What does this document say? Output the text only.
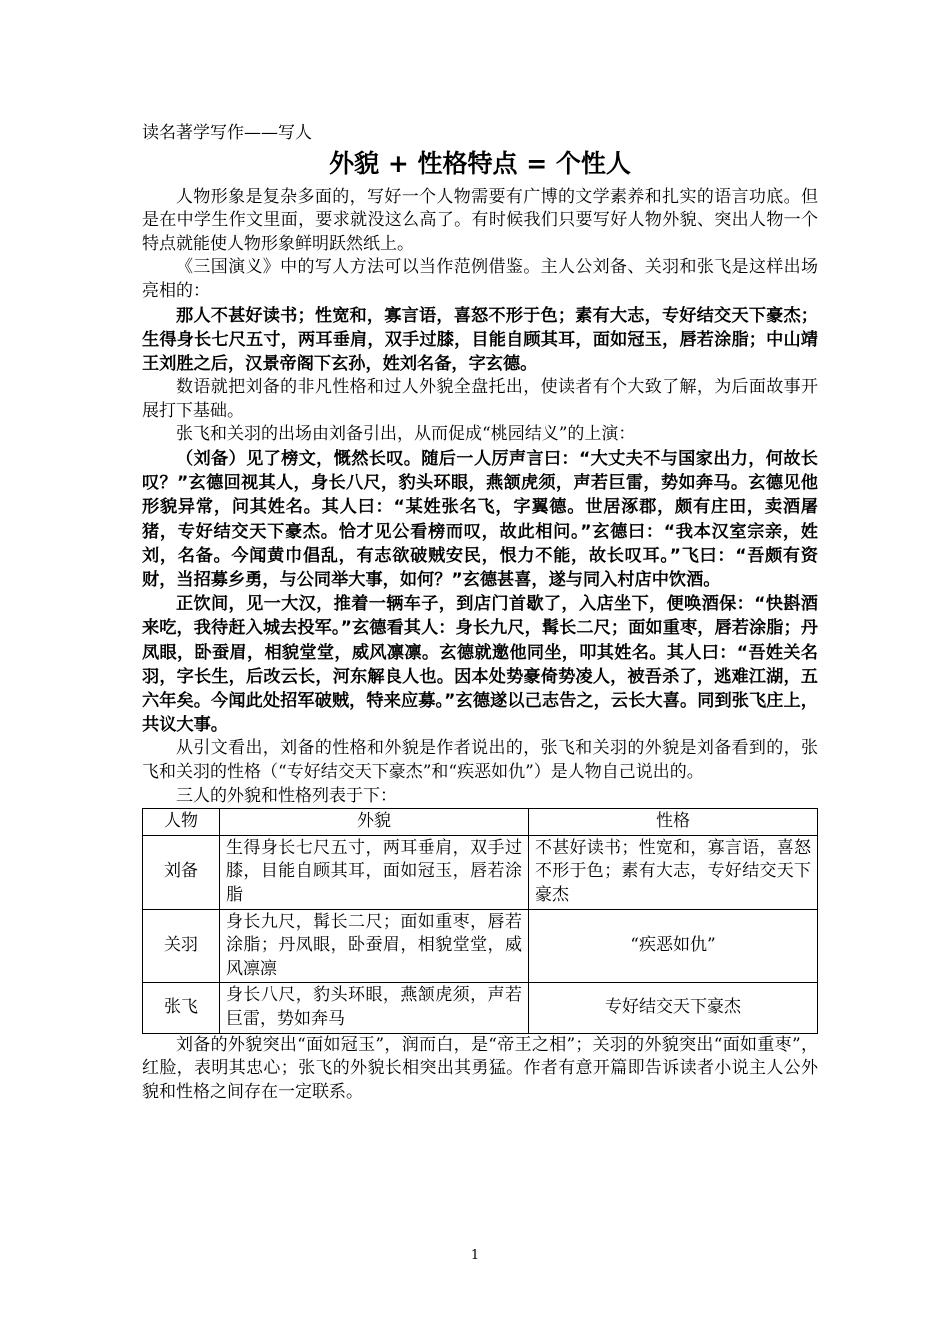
读名著学写作——写人

外貌 + 性格特点 = 个性人

人物形象是复杂多面的，写好一个人物需要有广博的文学素养和扎实的语言功底。但是在中学生作文里面，要求就没这么高了。有时候我们只要写好人物外貌、突出人物一个特点就能使人物形象鲜明跃然纸上。

《三国演义》中的写人方法可以当作范例借鉴。主人公刘备、关羽和张飞是这样出场亮相的：

那人不甚好读书；性宽和，寡言语，喜怒不形于色；素有大志，专好结交天下豪杰；生得身长七尺五寸，两耳垂肩，双手过膝，目能自顾其耳，面如冠玉，唇若涂脂；中山靖王刘胜之后，汉景帝阁下玄孙，姓刘名备，字玄德。

数语就把刘备的非凡性格和过人外貌全盘托出，使读者有个大致了解，为后面故事开展打下基础。

张飞和关羽的出场由刘备引出，从而促成“桃园结义”的上演：

（刘备）见了榜文，慨然长叹。随后一人厉声言曰：“大丈夫不与国家出力，何故长叹？”玄德回视其人，身长八尺，豹头环眼，燕颔虎须，声若巨雷，势如奔马。玄德见他形貌异常，问其姓名。其人曰：“某姓张名飞，字翼德。世居涿郡，颇有庄田，卖酒屠猪，专好结交天下豪杰。恰才见公看榜而叹，故此相问。”玄德曰：“我本汉室宗亲，姓刘，名备。今闻黄巾倡乱，有志欲破贼安民，恨力不能，故长叹耳。”飞曰：“吾颇有资财，当招募乡勇，与公同举大事，如何？”玄德甚喜，遂与同入村店中饮酒。

正饮间，见一大汉，推着一辆车子，到店门首歇了，入店坐下，便唤酒保：“快斟酒来吃，我待赶入城去投军。”玄德看其人：身长九尺，髯长二尺；面如重枣，唇若涂脂；丹凤眼，卧蚕眉，相貌堂堂，威风凛凛。玄德就邀他同坐，叩其姓名。其人曰：“吾姓关名羽，字长生，后改云长，河东解良人也。因本处势豪倚势凌人，被吾杀了，逃难江湖，五六年矣。今闻此处招军破贼，特来应募。”玄德遂以己志告之，云长大喜。同到张飞庄上，共议大事。

从引文看出，刘备的性格和外貌是作者说出的，张飞和关羽的外貌是刘备看到的，张飞和关羽的性格（“专好结交天下豪杰”和“疾恶如仇”）是人物自己说出的。

三人的外貌和性格列表于下：

人物	外貌	性格
刘备	生得身长七尺五寸，两耳垂肩，双手过膝，目能自顾其耳，面如冠玉，唇若涂脂	不甚好读书；性宽和，寡言语，喜怒不形于色；素有大志，专好结交天下豪杰
关羽	身长九尺，髯长二尺；面如重枣，唇若涂脂；丹凤眼，卧蚕眉，相貌堂堂，威风凛凛	“疾恶如仇”
张飞	身长八尺，豹头环眼，燕颔虎须，声若巨雷，势如奔马	专好结交天下豪杰

刘备的外貌突出“面如冠玉”，润而白，是“帝王之相”；关羽的外貌突出“面如重枣”，红脸，表明其忠心；张飞的外貌长相突出其勇猛。作者有意开篇即告诉读者小说主人公外貌和性格之间存在一定联系。

1
